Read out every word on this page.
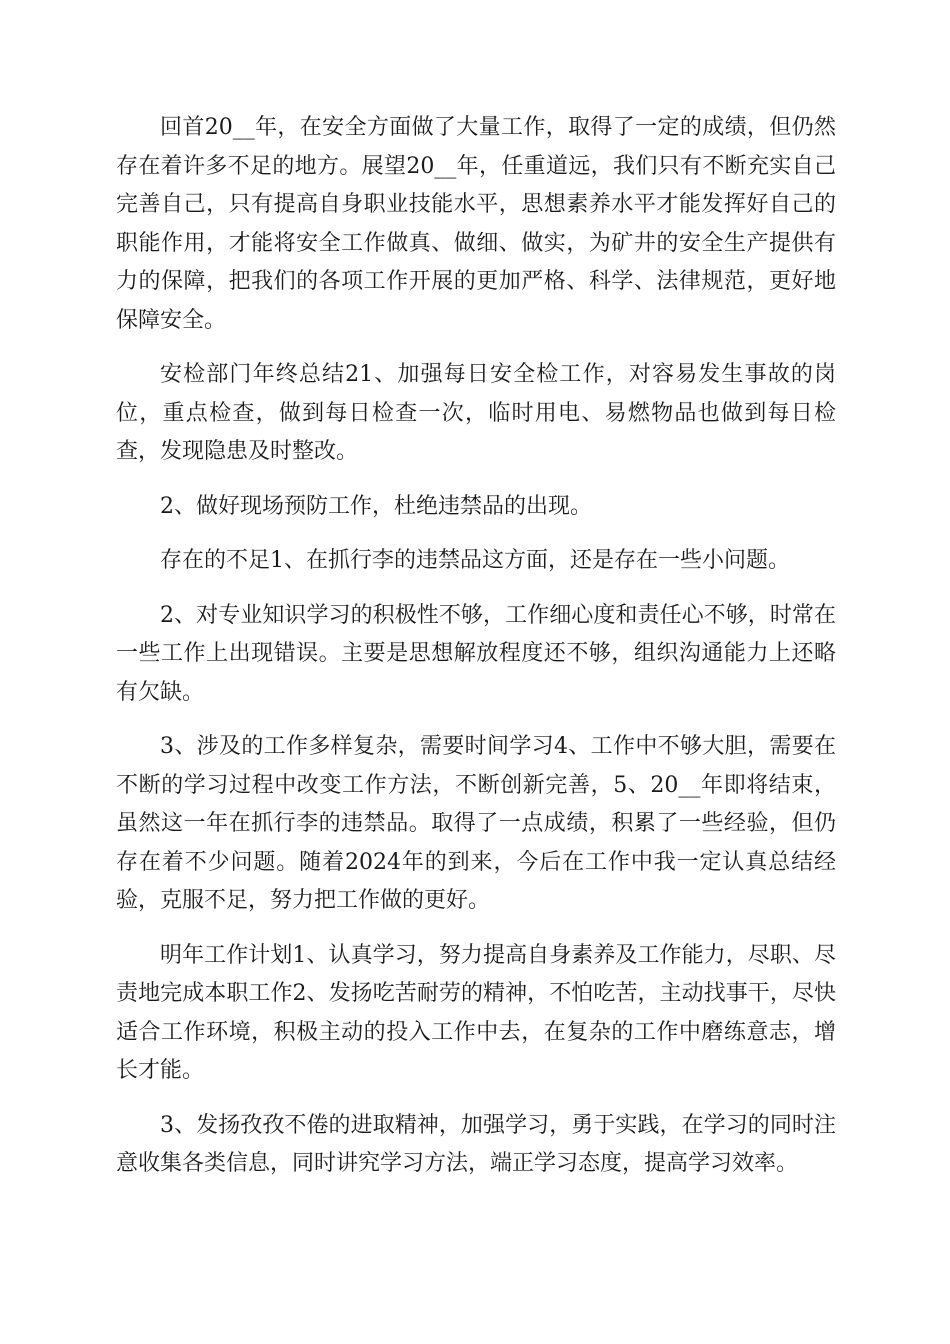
回首20__年，在安全方面做了大量工作，取得了一定的成绩，但仍然存在着许多不足的地方。展望20__年，任重道远，我们只有不断充实自己完善自己，只有提高自身职业技能水平，思想素养水平才能发挥好自己的职能作用，才能将安全工作做真、做细、做实，为矿井的安全生产提供有力的保障，把我们的各项工作开展的更加严格、科学、法律规范，更好地保障安全。

安检部门年终总结21、加强每日安全检工作，对容易发生事故的岗位，重点检查，做到每日检查一次，临时用电、易燃物品也做到每日检查，发现隐患及时整改。

2、做好现场预防工作，杜绝违禁品的出现。

存在的不足1、在抓行李的违禁品这方面，还是存在一些小问题。

2、对专业知识学习的积极性不够，工作细心度和责任心不够，时常在一些工作上出现错误。主要是思想解放程度还不够，组织沟通能力上还略有欠缺。

3、涉及的工作多样复杂，需要时间学习4、工作中不够大胆，需要在不断的学习过程中改变工作方法，不断创新完善，5、20__年即将结束，虽然这一年在抓行李的违禁品。取得了一点成绩，积累了一些经验，但仍存在着不少问题。随着2024年的到来，今后在工作中我一定认真总结经验，克服不足，努力把工作做的更好。

明年工作计划1、认真学习，努力提高自身素养及工作能力，尽职、尽责地完成本职工作2、发扬吃苦耐劳的精神，不怕吃苦，主动找事干，尽快适合工作环境，积极主动的投入工作中去，在复杂的工作中磨练意志，增长才能。

3、发扬孜孜不倦的进取精神，加强学习，勇于实践，在学习的同时注意收集各类信息，同时讲究学习方法，端正学习态度，提高学习效率。
